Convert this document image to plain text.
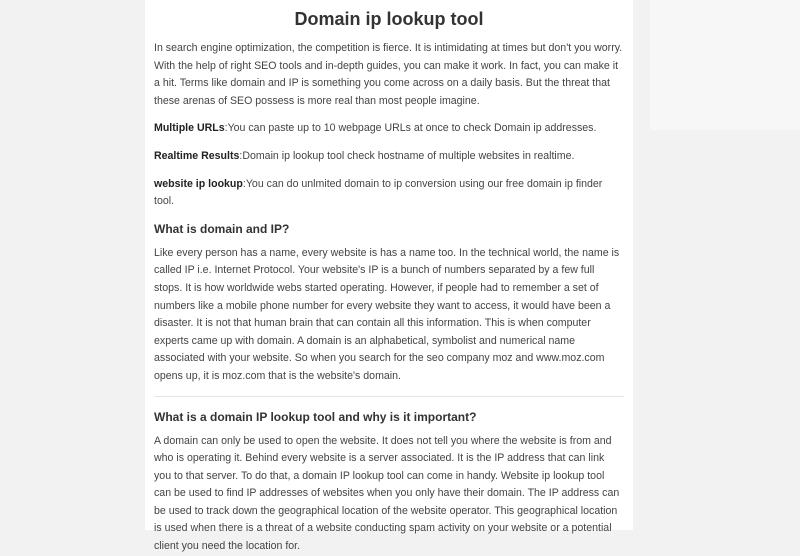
Domain ip lookup tool

In search engine optimization, the competition is fierce. It is intimidating at times but don't you worry. With the help of right SEO tools and in-depth guides, you can make it work. In fact, you can make it a hit. Terms like domain and IP is something you come across on a daily basis. But the threat that these arenas of SEO possess is more real than most people imagine.

Multiple URLs:You can paste up to 10 webpage URLs at once to check Domain ip addresses.

Realtime Results:Domain ip lookup tool check hostname of multiple websites in realtime.

website ip lookup:You can do unlmited domain to ip conversion using our free domain ip finder tool.

What is domain and IP?

Like every person has a name, every website is has a name too. In the technical world, the name is called IP i.e. Internet Protocol. Your website's IP is a bunch of numbers separated by a few full stops. It is how worldwide webs started operating. However, if people had to remember a set of numbers like a mobile phone number for every website they want to access, it would have been a disaster. It is not that human brain that can contain all this information. This is when computer experts came up with domain. A domain is an alphabetical, symbolist and numerical name associated with your website. So when you search for the seo company moz and www.moz.com opens up, it is moz.com that is the website's domain.

What is a domain IP lookup tool and why is it important?

A domain can only be used to open the website. It does not tell you where the website is from and who is operating it. Behind every website is a server associated. It is the IP address that can link you to that server. To do that, a domain IP lookup tool can come in handy. Website ip lookup tool can be used to find IP addresses of websites when you only have their domain. The IP address can be used to track down the geographical location of the website operator. This geographical location is used when there is a threat of a website conducting spam activity on your website or a potential client you need the location for.
